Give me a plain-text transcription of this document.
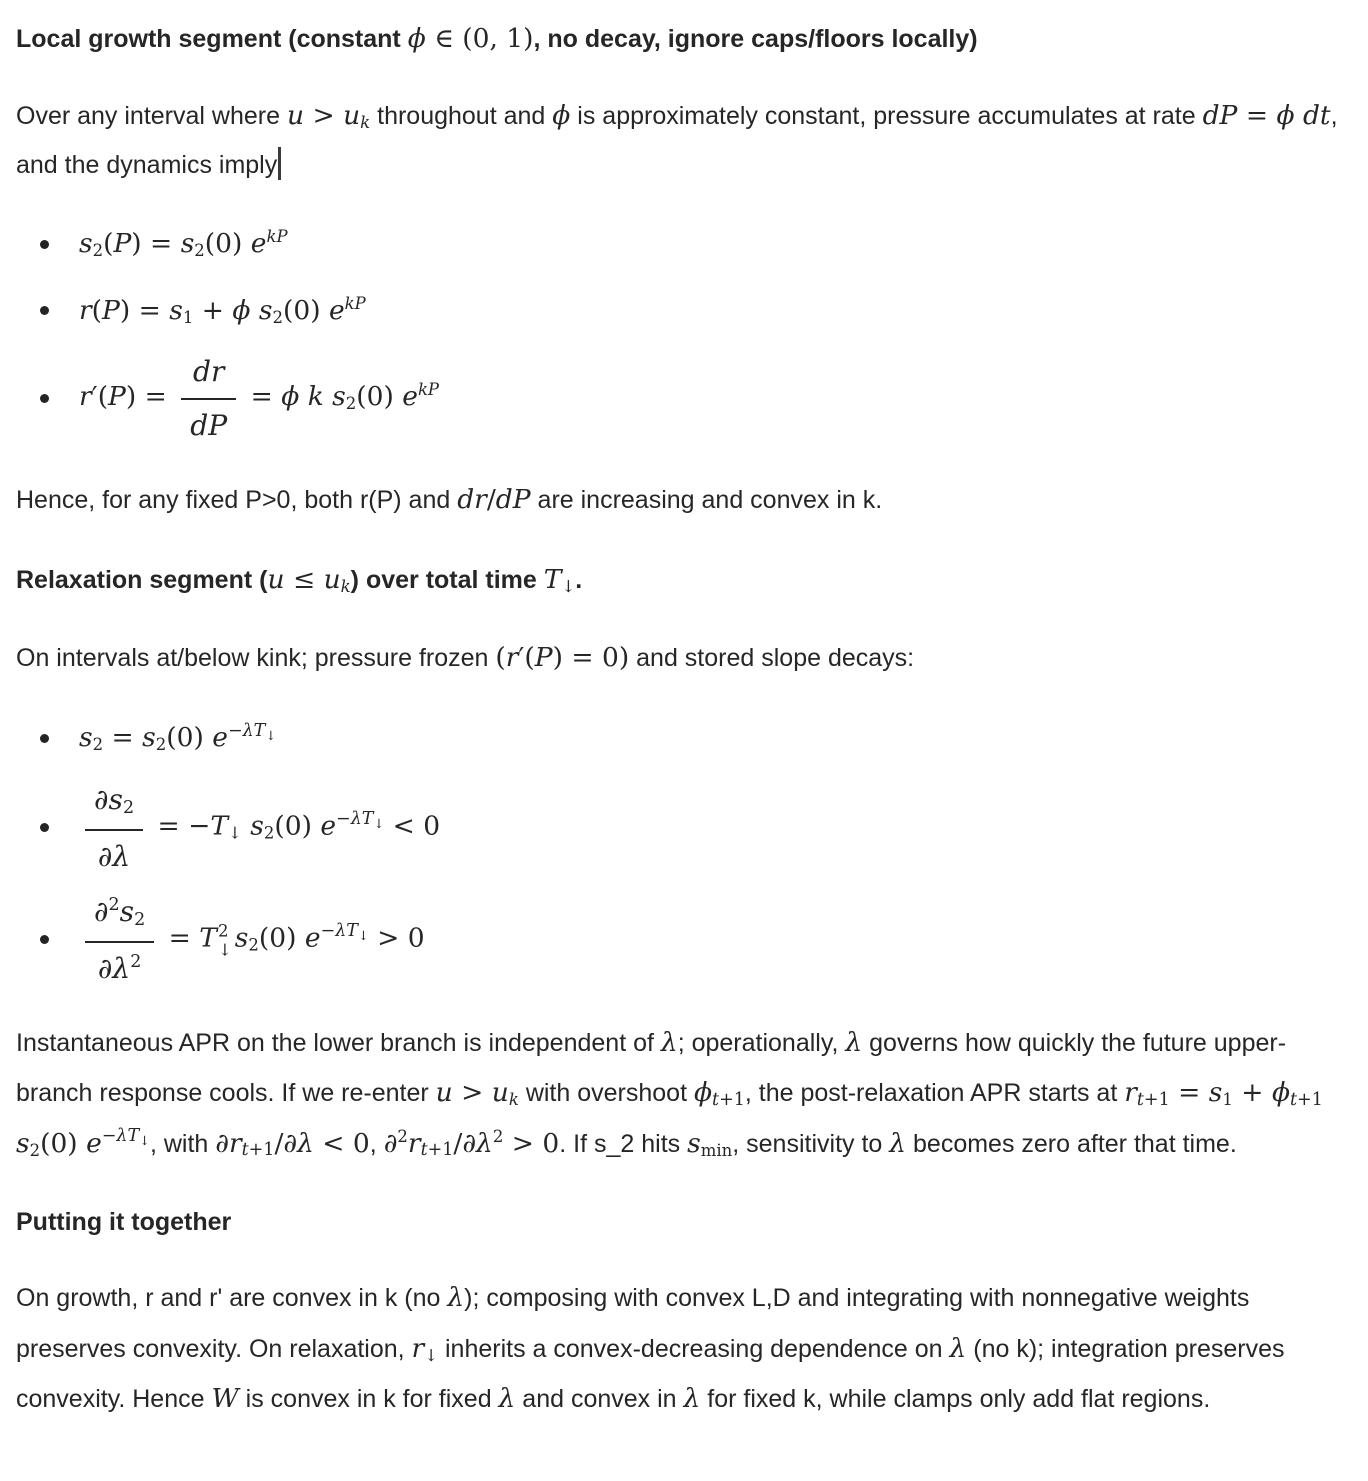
Local growth segment (constant ϕ ∈ (0, 1), no decay, ignore caps/floors locally)

Over any interval where u > uk throughout and ϕ is approximately constant, pressure accumulates at rate dP = ϕ dt, and the dynamics imply

s2(P) = s2(0) $e^{kP}$
r(P) = s1 + ϕ s2(0) $e^{kP}$
$r'(P) = \frac{dr}{dP} = \phi$ k s2(0) $e^{kP}$

Hence, for any fixed P>0, both r(P) and dr/dP are increasing and convex in k.

Relaxation segment (u ≤ uk) over total time T↓.

On intervals at/below kink; pressure frozen (r′(P) = 0) and stored slope decays:

s2 = s2(0) $e^{-\lambda T_↓}$
$\frac{\partial s2}{\partial\lambda}$ = −T↓ s2(0) $e^{-\lambda T_↓} < 0$
$\frac{\partial^2s2}{\partial\lambda^2} = T$ 2
↓ s2(0) $e^{-\lambda T_↓} > 0$

Instantaneous APR on the lower branch is independent of λ; operationally, λ governs how quickly the future upper-branch response cools. If we re-enter u > uk with overshoot ϕt+1, the post-relaxation APR starts at rt+1 = s1 + ϕt+1 s2(0) $e^{-\lambda T_↓}$, with ∂rt+1/∂λ < 0, $\partial^2rt+1/\partial\lambda^2 > 0$. If s_2 hits smin, sensitivity to λ becomes zero after that time.

Putting it together

On growth, r and r' are convex in k (no λ); composing with convex L,D and integrating with nonnegative weights preserves convexity. On relaxation, r↓ inherits a convex-decreasing dependence on λ (no k); integration preserves convexity. Hence W is convex in k for fixed λ and convex in λ for fixed k, while clamps only add flat regions.
